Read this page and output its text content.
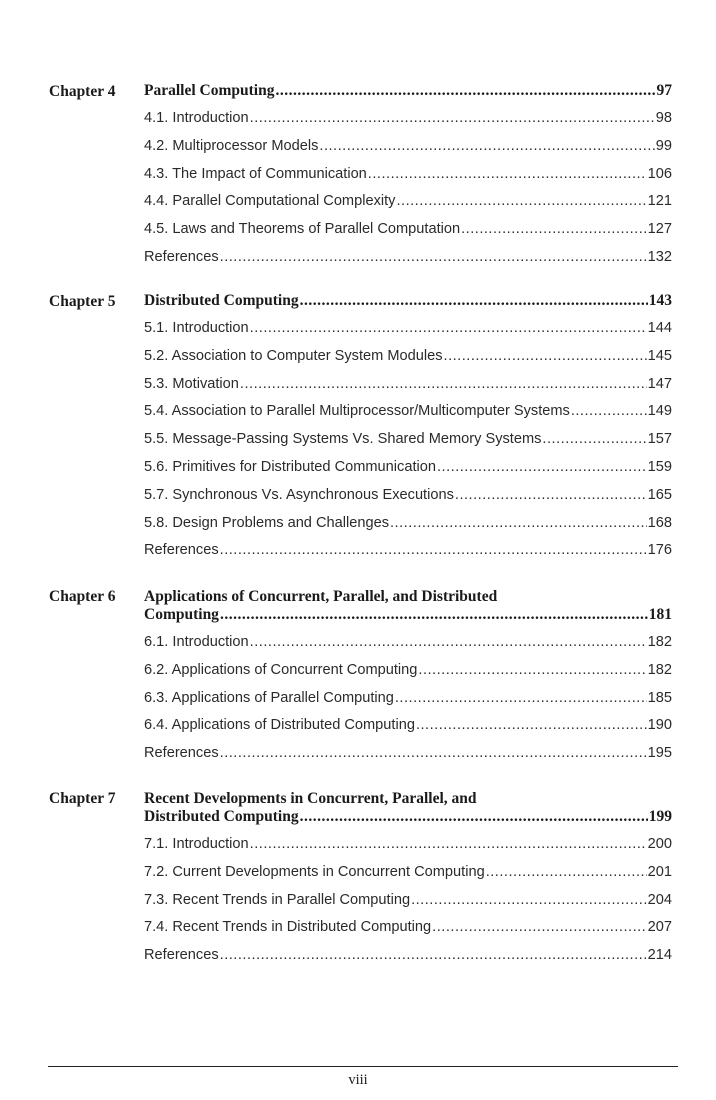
Chapter 4 Parallel Computing .....	97
4.1. Introduction .....	98
4.2. Multiprocessor Models .....	99
4.3. The Impact of Communication .....	106
4.4. Parallel Computational Complexity .....	121
4.5. Laws and Theorems of Parallel Computation .....	127
References .....	132
Chapter 5 Distributed Computing .....	143
5.1. Introduction .....	144
5.2. Association to Computer System Modules .....	145
5.3. Motivation .....	147
5.4. Association to Parallel Multiprocessor/Multicomputer Systems .....	149
5.5. Message-Passing Systems Vs. Shared Memory Systems .....	157
5.6. Primitives for Distributed Communication .....	159
5.7. Synchronous Vs. Asynchronous Executions .....	165
5.8. Design Problems and Challenges .....	168
References .....	176
Chapter 6 Applications of Concurrent, Parallel, and Distributed
Computing .....	181
6.1. Introduction .....	182
6.2. Applications of Concurrent Computing .....	182
6.3. Applications of Parallel Computing .....	185
6.4. Applications of Distributed Computing .....	190
References .....	195
Chapter 7 Recent Developments in Concurrent, Parallel, and
Distributed Computing .....	199
7.1. Introduction .....	200
7.2. Current Developments in Concurrent Computing .....	201
7.3. Recent Trends in Parallel Computing .....	204
7.4. Recent Trends in Distributed Computing .....	207
References .....	214
viii
